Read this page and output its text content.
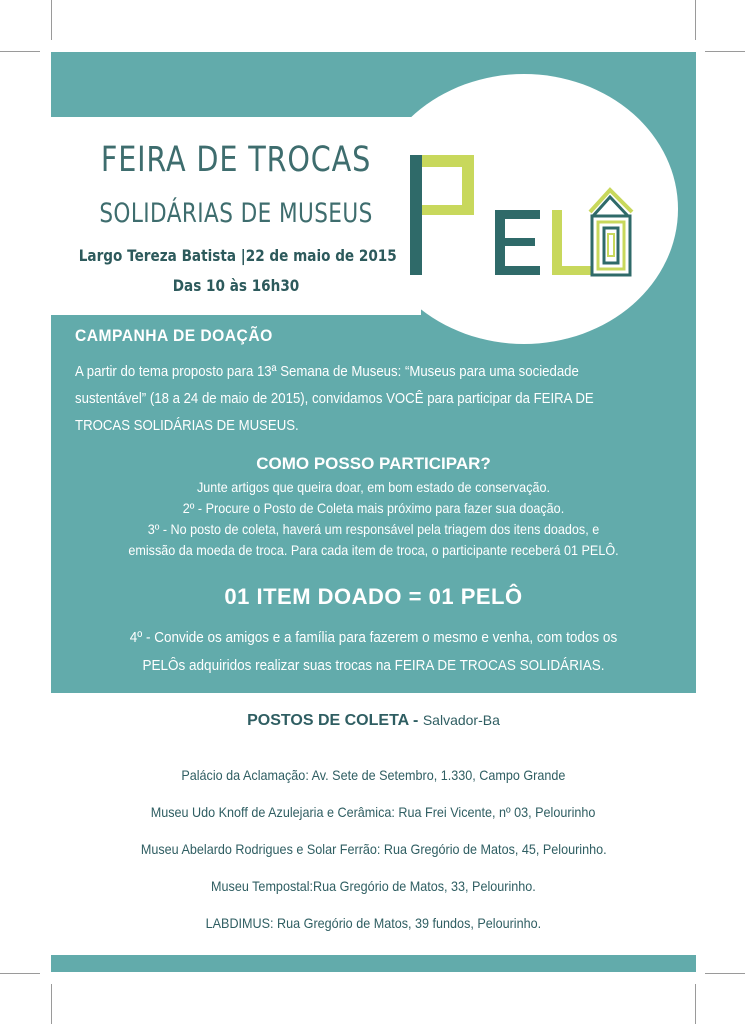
FEIRA DE TROCAS
SOLIDÁRIAS DE MUSEUS
Largo Tereza Batista |22 de maio de 2015
Das 10 às 16h30
PELÔ
CAMPANHA DE DOAÇÃO
A partir do tema proposto para 13ª Semana de Museus: “Museus para uma sociedade
sustentável” (18 a 24 de maio de 2015), convidamos VOCÊ para participar da FEIRA DE
TROCAS SOLIDÁRIAS DE MUSEUS.
COMO POSSO PARTICIPAR?
Junte artigos que queira doar, em bom estado de conservação.
2º - Procure o Posto de Coleta mais próximo para fazer sua doação.
3º - No posto de coleta, haverá um responsável pela triagem dos itens doados, e
emissão da moeda de troca. Para cada item de troca, o participante receberá 01 PELÔ.
01 ITEM DOADO = 01 PELÔ
4º - Convide os amigos e a família para fazerem o mesmo e venha, com todos os
PELÔs adquiridos realizar suas trocas na FEIRA DE TROCAS SOLIDÁRIAS.
POSTOS DE COLETA - Salvador-Ba
Palácio da Aclamação: Av. Sete de Setembro, 1.330, Campo Grande
Museu Udo Knoff de Azulejaria e Cerâmica: Rua Frei Vicente, nº 03, Pelourinho
Museu Abelardo Rodrigues e Solar Ferrão: Rua Gregório de Matos, 45, Pelourinho.
Museu Tempostal:Rua Gregório de Matos, 33, Pelourinho.
LABDIMUS: Rua Gregório de Matos, 39 fundos, Pelourinho.
